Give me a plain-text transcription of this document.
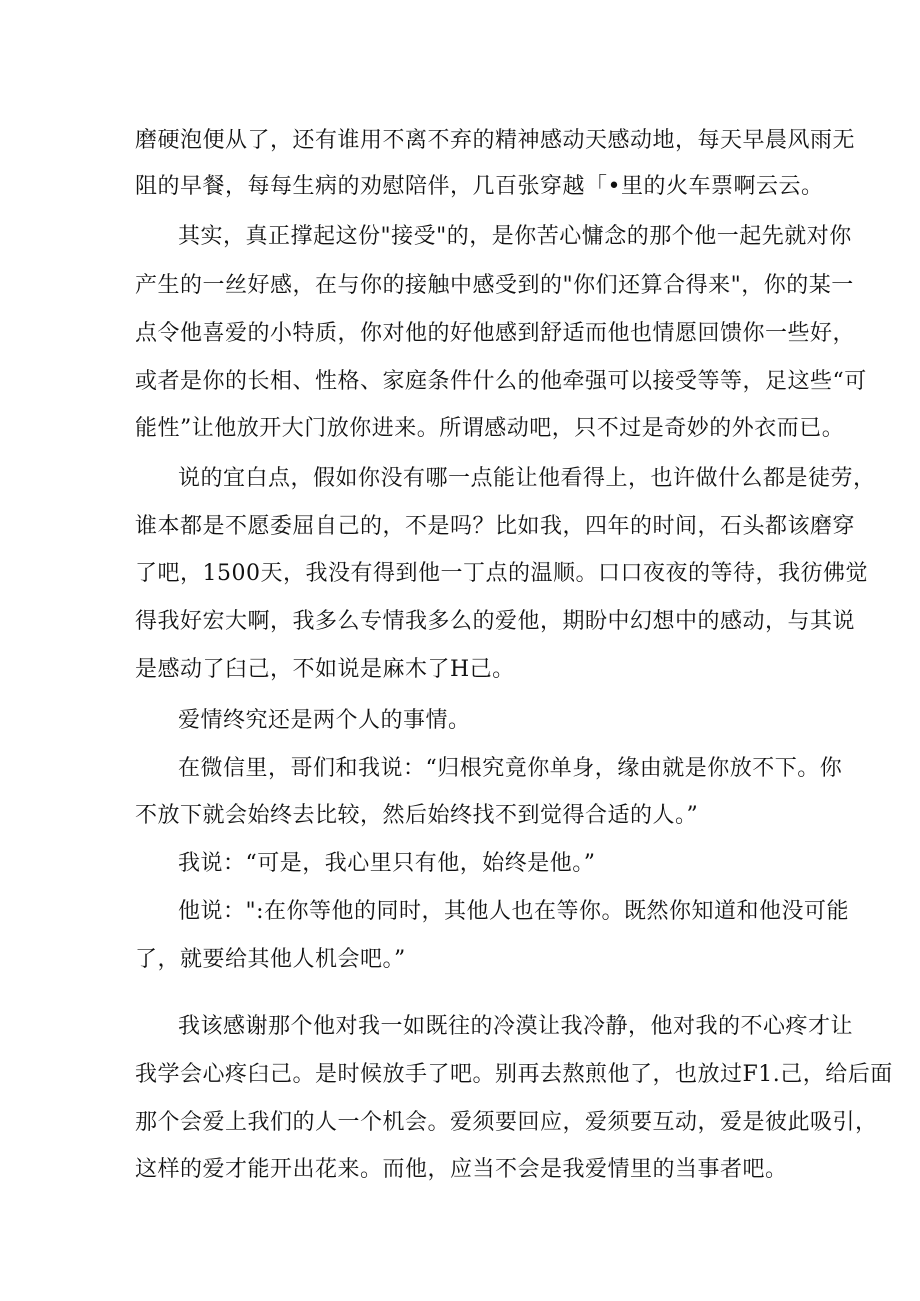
磨硬泡便从了，还有谁用不离不弃的精神感动天感动地，每天早晨风雨无
阻的早餐，每每生病的劝慰陪伴，几百张穿越「•里的火车票啊云云。
其实，真正撑起这份"接受"的，是你苦心慵念的那个他一起先就对你
产生的一丝好感，在与你的接触中感受到的"你们还算合得来"，你的某一
点令他喜爱的小特质，你对他的好他感到舒适而他也情愿回馈你一些好，
或者是你的长相、性格、家庭条件什么的他牵强可以接受等等，足这些“可
能性”让他放开大门放你进来。所谓感动吧，只不过是奇妙的外衣而已。
说的宜白点，假如你没有哪一点能让他看得上，也许做什么都是徒劳，
谁本都是不愿委屈自己的，不是吗？比如我，四年的时间，石头都该磨穿
了吧，1500天，我没有得到他一丁点的温顺。口口夜夜的等待，我彷佛觉
得我好宏大啊，我多么专情我多么的爱他，期盼中幻想中的感动，与其说
是感动了臼己，不如说是麻木了H己。
爱情终究还是两个人的事情。
在微信里，哥们和我说：“归根究竟你单身，缘由就是你放不下。你
不放下就会始终去比较，然后始终找不到觉得合适的人。”
我说：“可是，我心里只有他，始终是他。”
他说：":在你等他的同时，其他人也在等你。既然你知道和他没可能
了，就要给其他人机会吧。”
我该感谢那个他对我一如既往的冷漠让我冷静，他对我的不心疼才让
我学会心疼臼己。是时候放手了吧。别再去熬煎他了，也放过F1.己，给后面
那个会爱上我们的人一个机会。爱须要回应，爱须要互动，爱是彼此吸引，
这样的爱才能开出花来。而他，应当不会是我爱情里的当事者吧。
